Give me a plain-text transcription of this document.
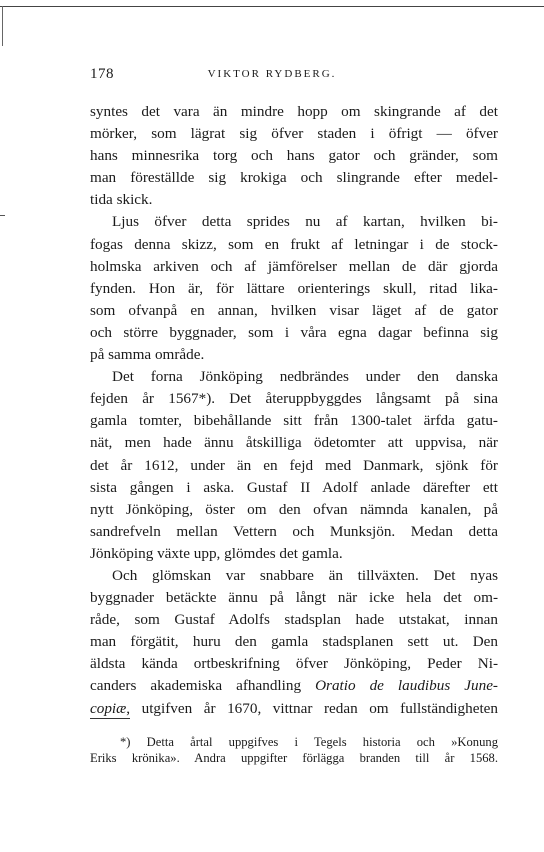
178	VIKTOR RYDBERG.
syntes det vara än mindre hopp om skingrande af det
mörker, som lägrat sig öfver staden i öfrigt — öfver
hans minnesrika torg och hans gator och gränder, som
man föreställde sig krokiga och slingrande efter medel-
tida skick.
Ljus öfver detta sprides nu af kartan, hvilken bi-
fogas denna skizz, som en frukt af letningar i de stock-
holmska arkiven och af jämförelser mellan de där gjorda
fynden. Hon är, för lättare orienterings skull, ritad lika-
som ofvanpå en annan, hvilken visar läget af de gator
och större byggnader, som i våra egna dagar befinna sig
på samma område.
Det forna Jönköping nedbrändes under den danska
fejden år 1567*). Det återuppbyggdes långsamt på sina
gamla tomter, bibehållande sitt från 1300-talet ärfda gatu-
nät, men hade ännu åtskilliga ödetomter att uppvisa, när
det år 1612, under än en fejd med Danmark, sjönk för
sista gången i aska. Gustaf II Adolf anlade därefter ett
nytt Jönköping, öster om den ofvan nämnda kanalen, på
sandrefveln mellan Vettern och Munksjön. Medan detta
Jönköping växte upp, glömdes det gamla.
Och glömskan var snabbare än tillväxten. Det nyas
byggnader betäckte ännu på långt när icke hela det om-
råde, som Gustaf Adolfs stadsplan hade utstakat, innan
man förgätit, huru den gamla stadsplanen sett ut. Den
äldsta kända ortbeskrifning öfver Jönköping, Peder Ni-
canders akademiska afhandling Oratio de laudibus June-
copiæ, utgifven år 1670, vittnar redan om fullständigheten
*) Detta årtal uppgifves i Tegels historia och »Konung
Eriks krönika». Andra uppgifter förlägga branden till år 1568.
